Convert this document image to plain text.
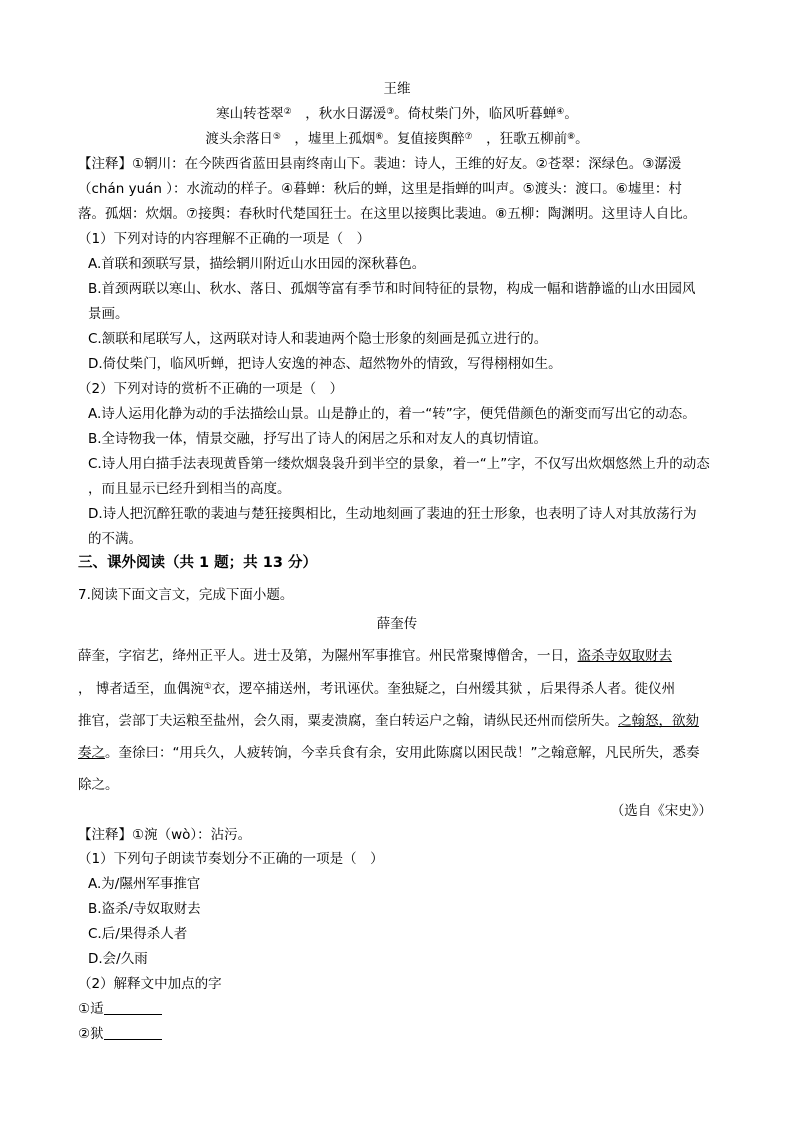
王维
寒山转苍翠②　，秋水日潺湲③。倚杖柴门外，临风听暮蝉④。
渡头余落日⑤　，墟里上孤烟⑥。复值接舆醉⑦　，狂歌五柳前⑧。
【注释】①辋川：在今陕西省蓝田县南终南山下。裴迪：诗人，王维的好友。②苍翠：深绿色。③潺湲
（chán yuán ）：水流动的样子。④暮蝉：秋后的蝉，这里是指蝉的叫声。⑤渡头：渡口。⑥墟里：村
落。孤烟：炊烟。⑦接舆：春秋时代楚国狂士。在这里以接舆比裴迪。⑧五柳：陶渊明。这里诗人自比。
（1）下列对诗的内容理解不正确的一项是（　）
A.首联和颈联写景，描绘辋川附近山水田园的深秋暮色。
B.首颈两联以寒山、秋水、落日、孤烟等富有季节和时间特征的景物，构成一幅和谐静谧的山水田园风
景画。
C.颔联和尾联写人，这两联对诗人和裴迪两个隐士形象的刻画是孤立进行的。
D.倚仗柴门，临风听蝉，把诗人安逸的神态、超然物外的情致，写得栩栩如生。
（2）下列对诗的赏析不正确的一项是（　）
A.诗人运用化静为动的手法描绘山景。山是静止的，着一“转”字，便凭借颜色的渐变而写出它的动态。
B.全诗物我一体，情景交融，抒写出了诗人的闲居之乐和对友人的真切情谊。
C.诗人用白描手法表现黄昏第一缕炊烟袅袅升到半空的景象，着一“上”字，不仅写出炊烟悠然上升的动态
，而且显示已经升到相当的高度。
D.诗人把沉醉狂歌的裴迪与楚狂接舆相比，生动地刻画了裴迪的狂士形象，也表明了诗人对其放荡行为
的不满。
三、课外阅读（共 1 题；共 13 分）
7.阅读下面文言文，完成下面小题。
薛奎传
薛奎，字宿艺，绛州正平人。进士及第，为隰州军事推官。州民常聚博僧舍，一日，盗杀寺奴取财去
， 博者适至，血偶涴①衣，逻卒捕送州，考讯诬伏。奎独疑之，白州缓其狱 ，后果得杀人者。徙仪州
推官，尝部丁夫运粮至盐州，会久雨，粟麦溃腐，奎白转运户之翰，请纵民还州而偿所失。之翰怒，欲劾
奏之。奎徐曰：“用兵久，人疲转饷，今幸兵食有余，安用此陈腐以困民哉！”之翰意解，凡民所失，悉奏
除之。
（选自《宋史》）
【注释】①涴（wò）：沾污。
（1）下列句子朗读节奏划分不正确的一项是（　）
A.为/隰州军事推官
B.盗杀/寺奴取财去
C.后/果得杀人者
D.会/久雨
（2）解释文中加点的字
①适
②狱
